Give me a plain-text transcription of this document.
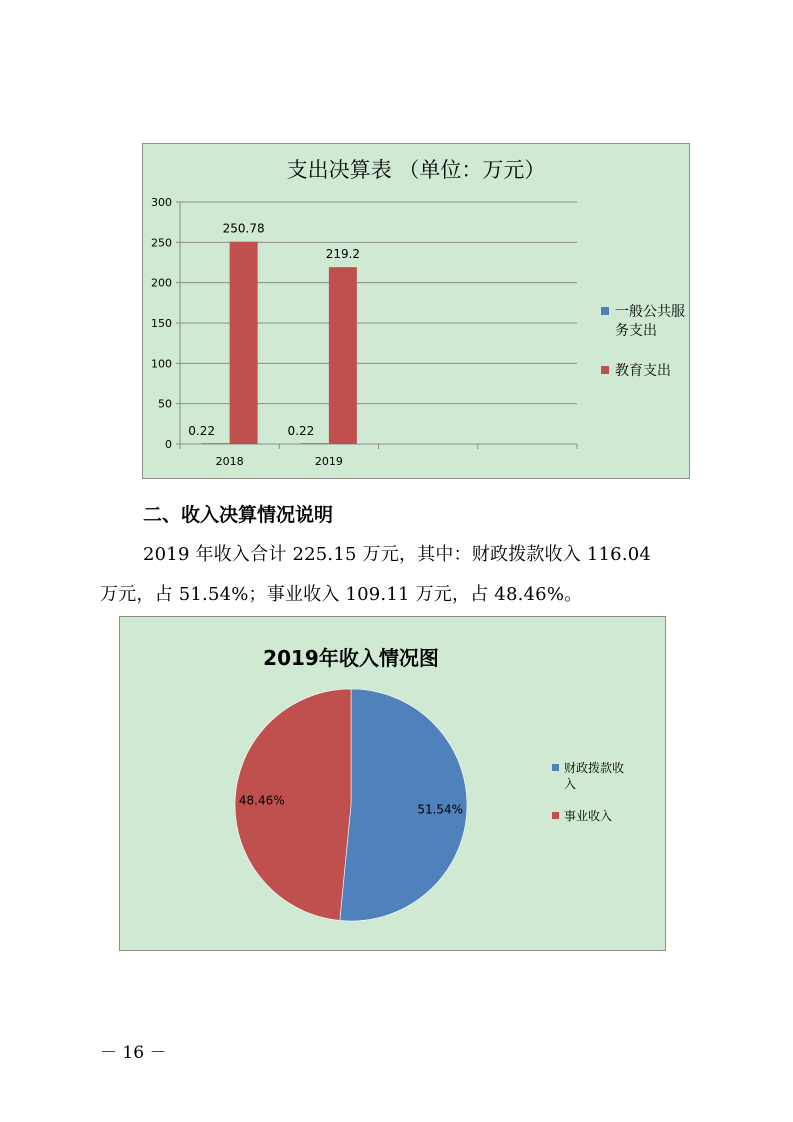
支出决算表 （单位：万元）
0
50
100
150
200
250
300
2018
0.22
250.78
2019
0.22
219.2
一般公共服
务支出
教育支出
二、收入决算情况说明
2019 年收入合计 225.15 万元，其中：财政拨款收入 116.04
万元，占 51.54%；事业收入 109.11 万元，占 48.46%。
2019年收入情况图
51.54%
48.46%
财政拨款收
入
事业收入
－ 16 －
